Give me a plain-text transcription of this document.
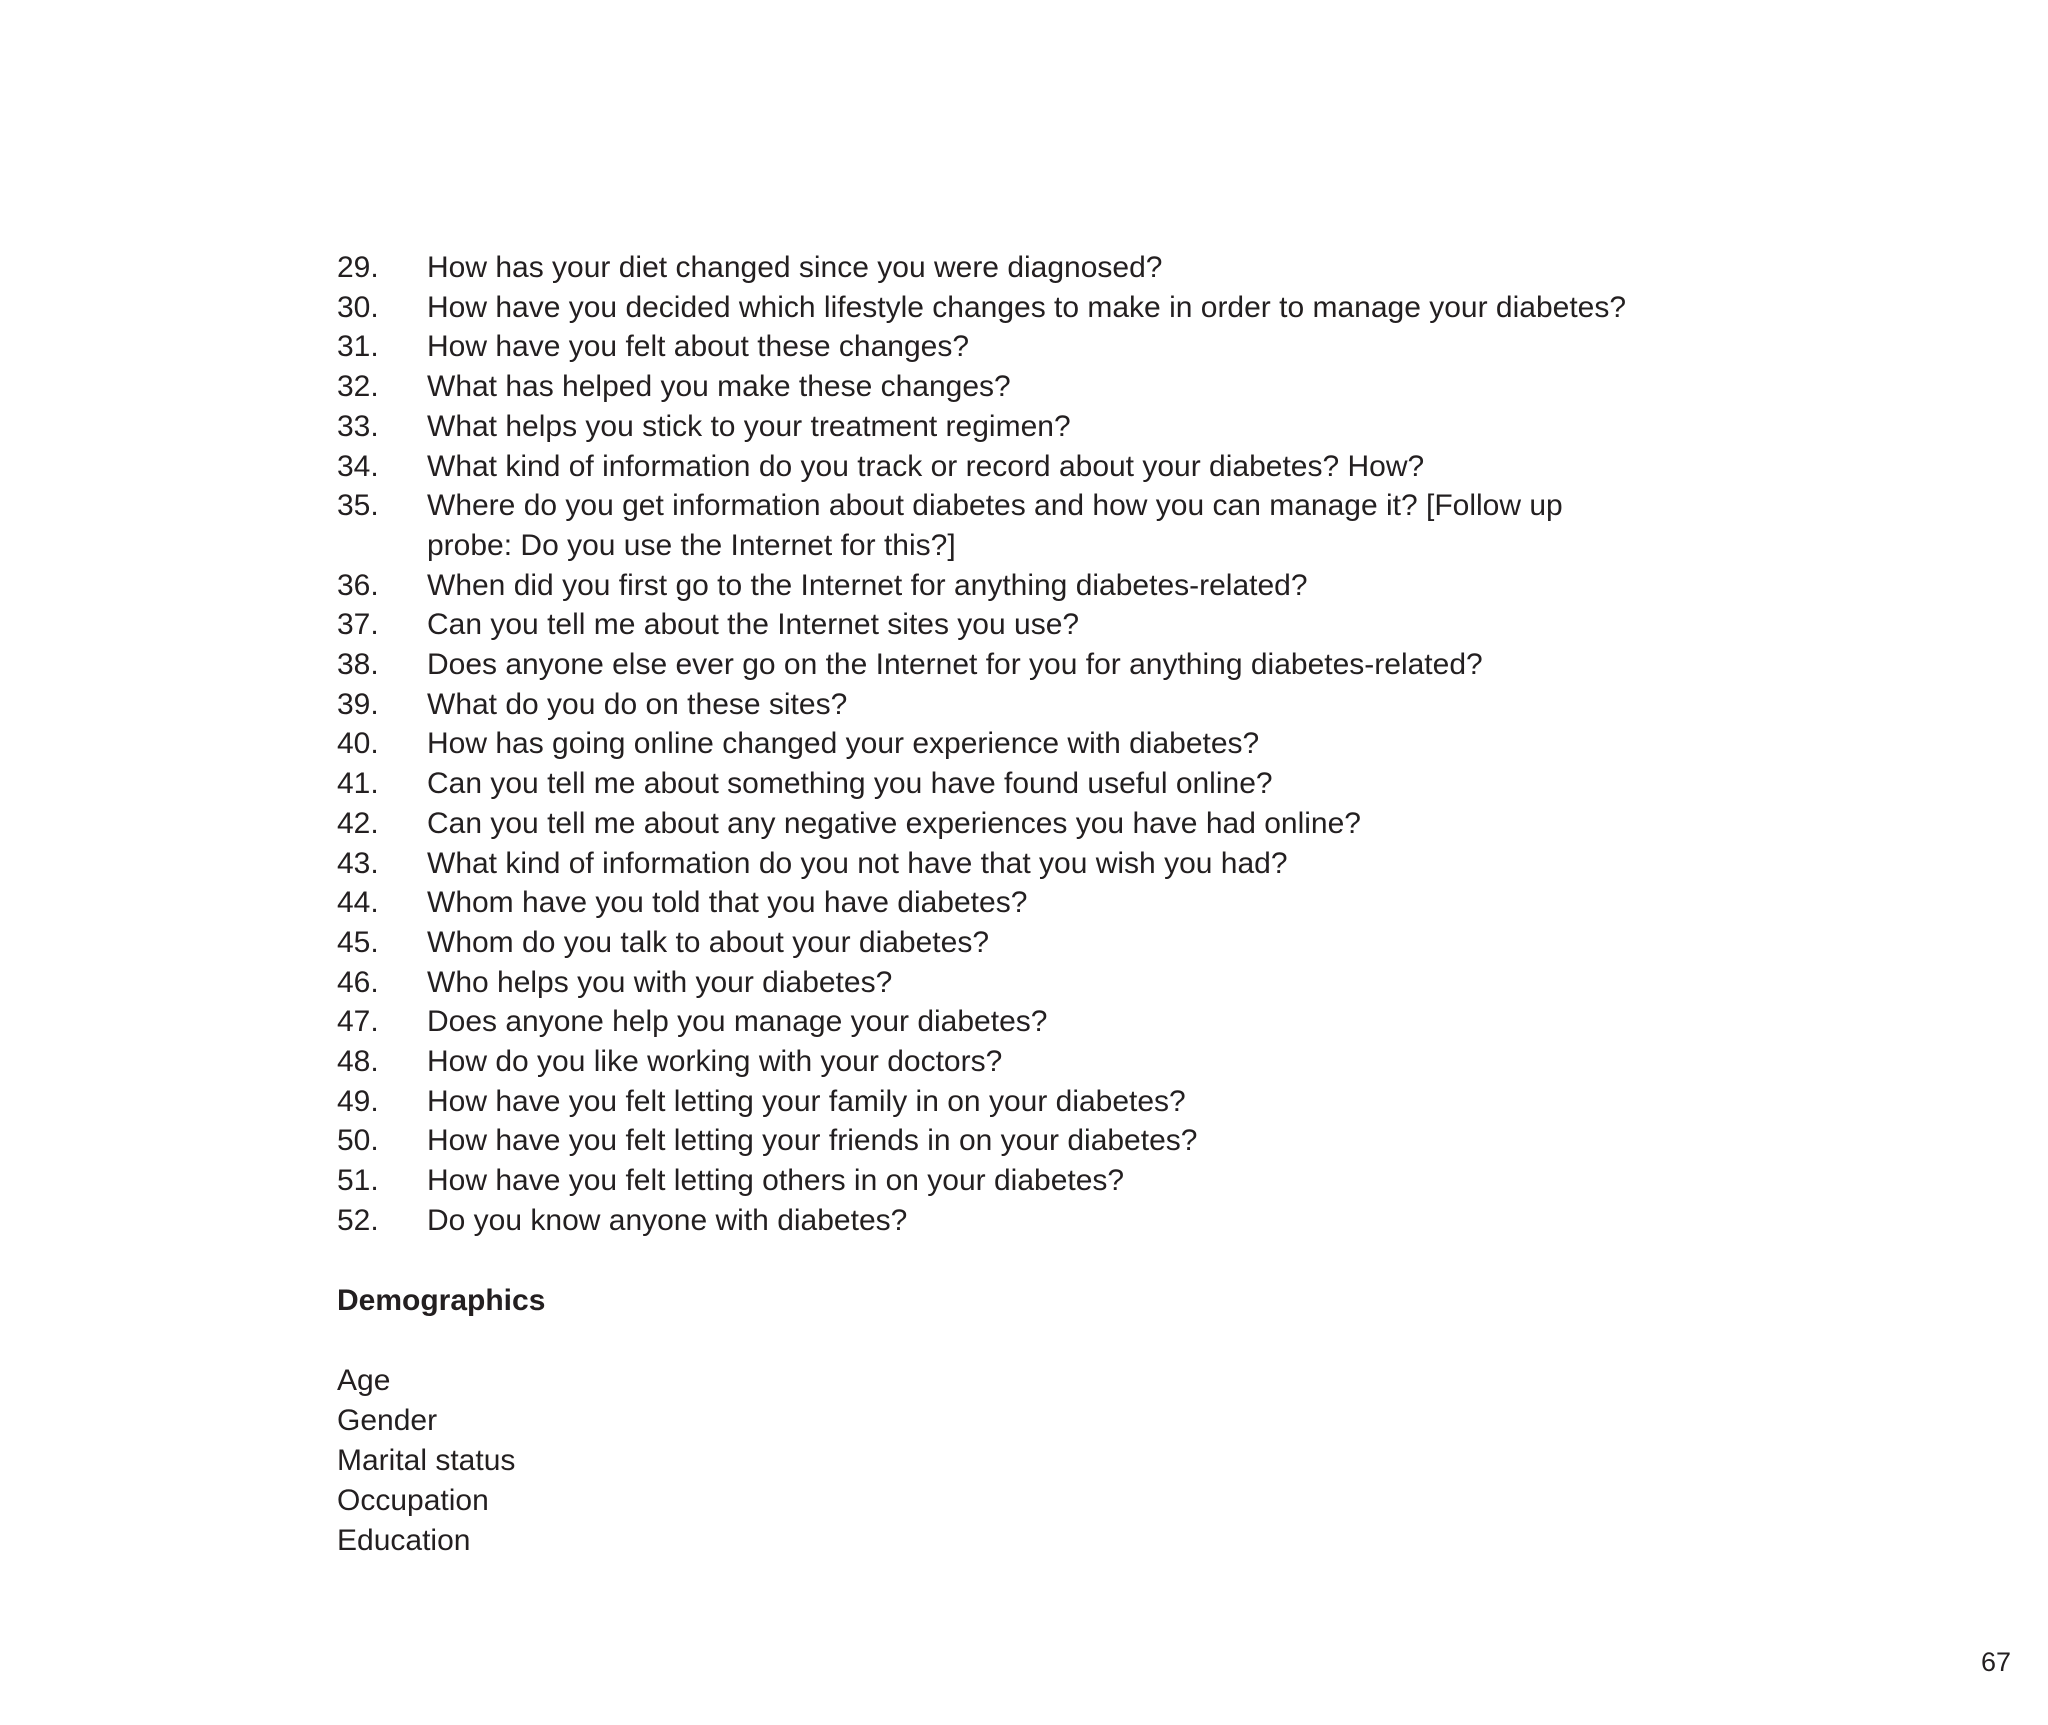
29.	How has your diet changed since you were diagnosed?
30.	How have you decided which lifestyle changes to make in order to manage your diabetes?
31.	How have you felt about these changes?
32.	What has helped you make these changes?
33.	What helps you stick to your treatment regimen?
34.	What kind of information do you track or record about your diabetes? How?
35.	Where do you get information about diabetes and how you can manage it? [Follow up probe: Do you use the Internet for this?]
36.	When did you first go to the Internet for anything diabetes-related?
37.	Can you tell me about the Internet sites you use?
38.	Does anyone else ever go on the Internet for you for anything diabetes-related?
39.	What do you do on these sites?
40.	How has going online changed your experience with diabetes?
41.	Can you tell me about something you have found useful online?
42.	Can you tell me about any negative experiences you have had online?
43.	What kind of information do you not have that you wish you had?
44.	Whom have you told that you have diabetes?
45.	Whom do you talk to about your diabetes?
46.	Who helps you with your diabetes?
47.	Does anyone help you manage your diabetes?
48.	How do you like working with your doctors?
49.	How have you felt letting your family in on your diabetes?
50.	How have you felt letting your friends in on your diabetes?
51.	How have you felt letting others in on your diabetes?
52.	Do you know anyone with diabetes?
Demographics
Age
Gender
Marital status
Occupation
Education
67
